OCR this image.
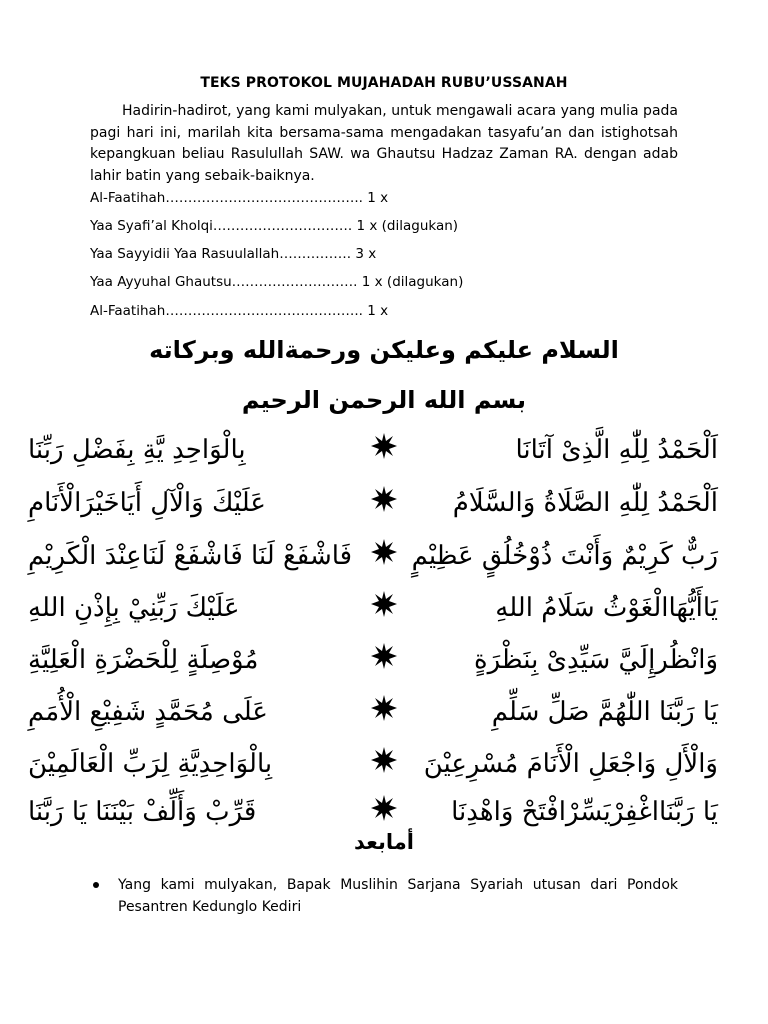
TEKS PROTOKOL MUJAHADAH RUBU’USSANAH
Hadirin-hadirot, yang kami mulyakan, untuk mengawali acara yang mulia pada pagi hari ini, marilah kita bersama-sama mengadakan tasyafu’an dan istighotsah kepangkuan beliau Rasulullah SAW. wa Ghautsu Hadzaz Zaman RA. dengan adab lahir batin yang sebaik-baiknya.
Al-Faatihah…………………………………….. 1 x
Yaa Syafi’al Kholqi…………………………. 1 x (dilagukan)
Yaa Sayyidii Yaa Rasuulallah……………. 3 x
Yaa Ayyuhal Ghautsu………………………. 1 x (dilagukan)
Al-Faatihah…………………………………….. 1 x
السلام عليكم وعليكن ورحمةالله وبركاته
بسم الله الرحمن الرحيم
اَلْحَمْدُ لِلّٰهِ الَّذِىْ آتَانَا
بِالْوَاحِدِ يَّةِ بِفَضْلِ رَبِّنَا
اَلْحَمْدُ لِلّٰهِ الصَّلَاةُ وَالسَّلَامُ
عَلَيْكَ وَالْآلِ أَيَاخَيْرَالْأَنَامِ
رَبٌّ كَرِيْمٌ وَأَنْتَ ذُوْخُلُقٍ عَظِيْمٍ
فَاشْفَعْ لَنَا فَاشْفَعْ لَنَاعِنْدَ الْكَرِيْمِ
يَاأَيُّهَاالْغَوْثُ سَلَامُ اللهِ
عَلَيْكَ رَبِّنِيْ بِإِذْنِ اللهِ
وَانْظُرإِلَيَّ سَيِّدِىْ بِنَظْرَةٍ
مُوْصِلَةٍ لِلْحَضْرَةِ الْعَلِيَّةِ
يَا رَبَّنَا اللّٰهُمَّ صَلِّ سَلِّمِ
عَلَى مُحَمَّدٍ شَفِيْعِ الْأُمَمِ
وَالْأَلِ وَاجْعَلِ الْأَنَامَ مُسْرِعِيْنَ
بِالْوَاحِدِيَّةِ لِرَبِّ الْعَالَمِيْنَ
يَا رَبَّنَااغْفِرْيَسِّرْافْتَحْ وَاهْدِنَا
قَرِّبْ وَأَلِّفْ بَيْنَنَا يَا رَبَّنَا
أمابعد
Yang kami mulyakan, Bapak Muslihin Sarjana Syariah utusan dari Pondok Pesantren Kedunglo Kediri
